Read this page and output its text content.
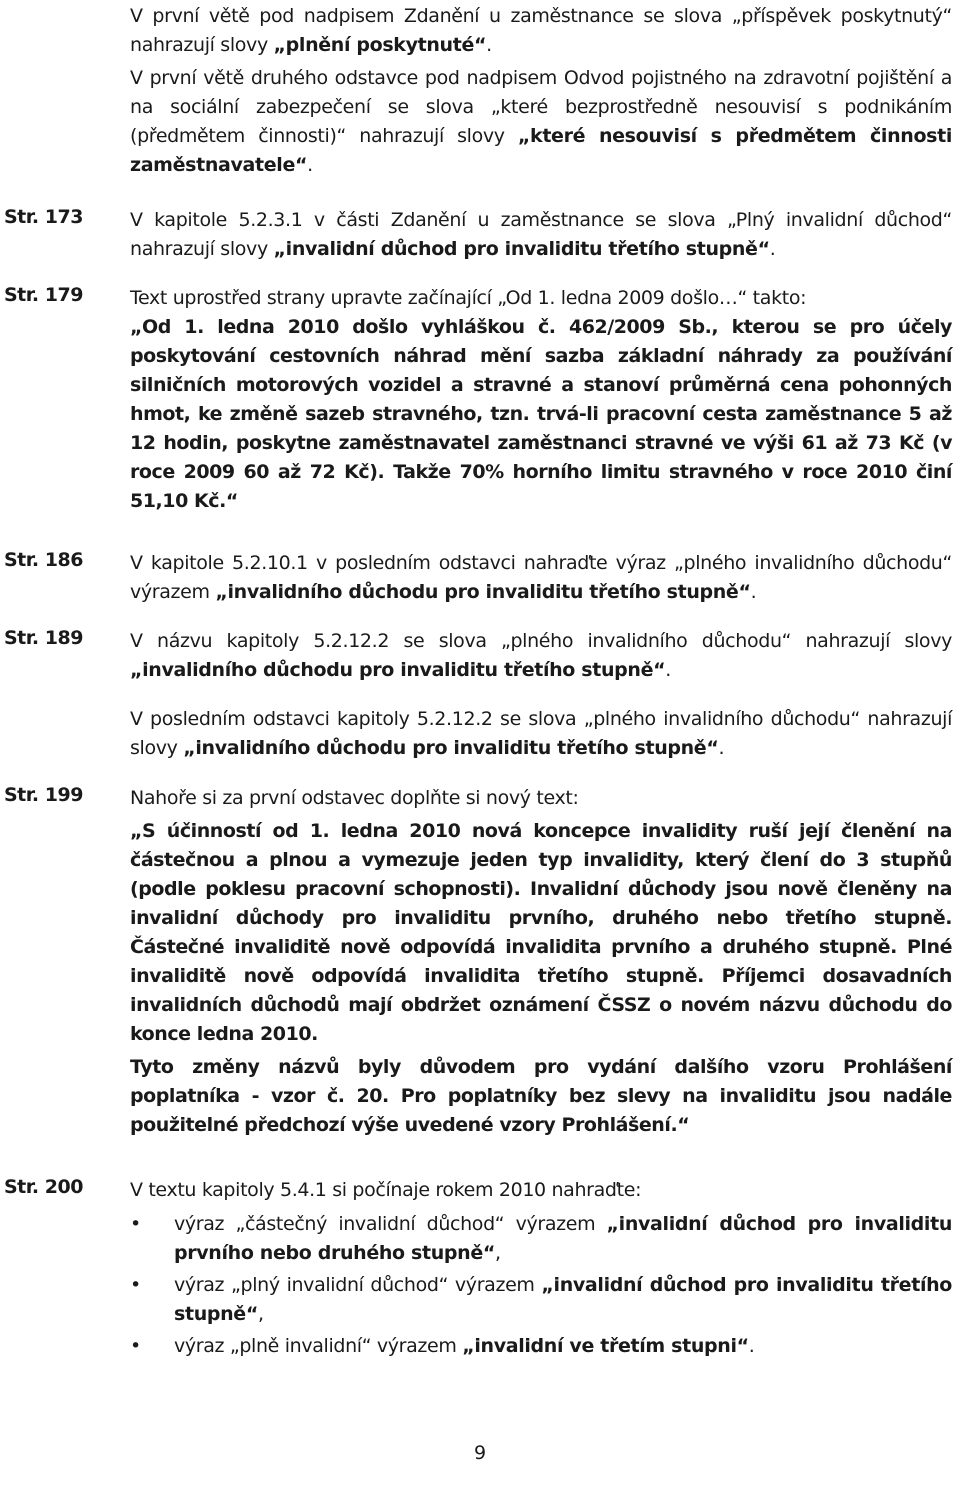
V první větě pod nadpisem Zdanění u zaměstnance se slova „příspěvek poskytnutý“ nahrazují slovy „plnění poskytnuté“.
V první větě druhého odstavce pod nadpisem Odvod pojistného na zdravotní pojištění a na sociální zabezpečení se slova „které bezprostředně nesouvisí s podnikáním (předmětem činnosti)“ nahrazují slovy „které nesouvisí s předmětem činnosti zaměstnavatele“.
Str. 173 V kapitole 5.2.3.1 v části Zdanění u zaměstnance se slova „Plný invalidní důchod“ nahrazují slovy „invalidní důchod pro invaliditu třetího stupně“.
Str. 179 Text uprostřed strany upravte začínající „Od 1. ledna 2009 došlo…“ takto:
„Od 1. ledna 2010 došlo vyhláškou č. 462/2009 Sb., kterou se pro účely poskytování cestovních náhrad mění sazba základní náhrady za používání silničních motorových vozidel a stravné a stanoví průměrná cena pohonných hmot, ke změně sazeb stravného, tzn. trvá-li pracovní cesta zaměstnance 5 až 12 hodin, poskytne zaměstnavatel zaměstnanci stravné ve výši 61 až 73 Kč (v roce 2009 60 až 72 Kč). Takže 70% horního limitu stravného v roce 2010 činí 51,10 Kč.“
Str. 186 V kapitole 5.2.10.1 v posledním odstavci nahraďte výraz „plného invalidního důchodu“ výrazem „invalidního důchodu pro invaliditu třetího stupně“.
Str. 189 V názvu kapitoly 5.2.12.2 se slova „plného invalidního důchodu“ nahrazují slovy „invalidního důchodu pro invaliditu třetího stupně“.
V posledním odstavci kapitoly 5.2.12.2 se slova „plného invalidního důchodu“ nahrazují slovy „invalidního důchodu pro invaliditu třetího stupně“.
Str. 199 Nahoře si za první odstavec doplňte si nový text:
„S účinností od 1. ledna 2010 nová koncepce invalidity ruší její členění na částečnou a plnou a vymezuje jeden typ invalidity, který člení do 3 stupňů (podle poklesu pracovní schopnosti). Invalidní důchody jsou nově členěny na invalidní důchody pro invaliditu prvního, druhého nebo třetího stupně. Částečné invaliditě nově odpovídá invalidita prvního a druhého stupně. Plné invaliditě nově odpovídá invalidita třetího stupně. Příjemci dosavadních invalidních důchodů mají obdržet oznámení ČSSZ o novém názvu důchodu do konce ledna 2010.
Tyto změny názvů byly důvodem pro vydání dalšího vzoru Prohlášení poplatníka - vzor č. 20. Pro poplatníky bez slevy na invaliditu jsou nadále použitelné předchozí výše uvedené vzory Prohlášení.“
Str. 200 V textu kapitoly 5.4.1 si počínaje rokem 2010 nahraďte:
• výraz „částečný invalidní důchod“ výrazem „invalidní důchod pro invaliditu prvního nebo druhého stupně“,
• výraz „plný invalidní důchod“ výrazem „invalidní důchod pro invaliditu třetího stupně“,
• výraz „plně invalidní“ výrazem „invalidní ve třetím stupni“.
9
